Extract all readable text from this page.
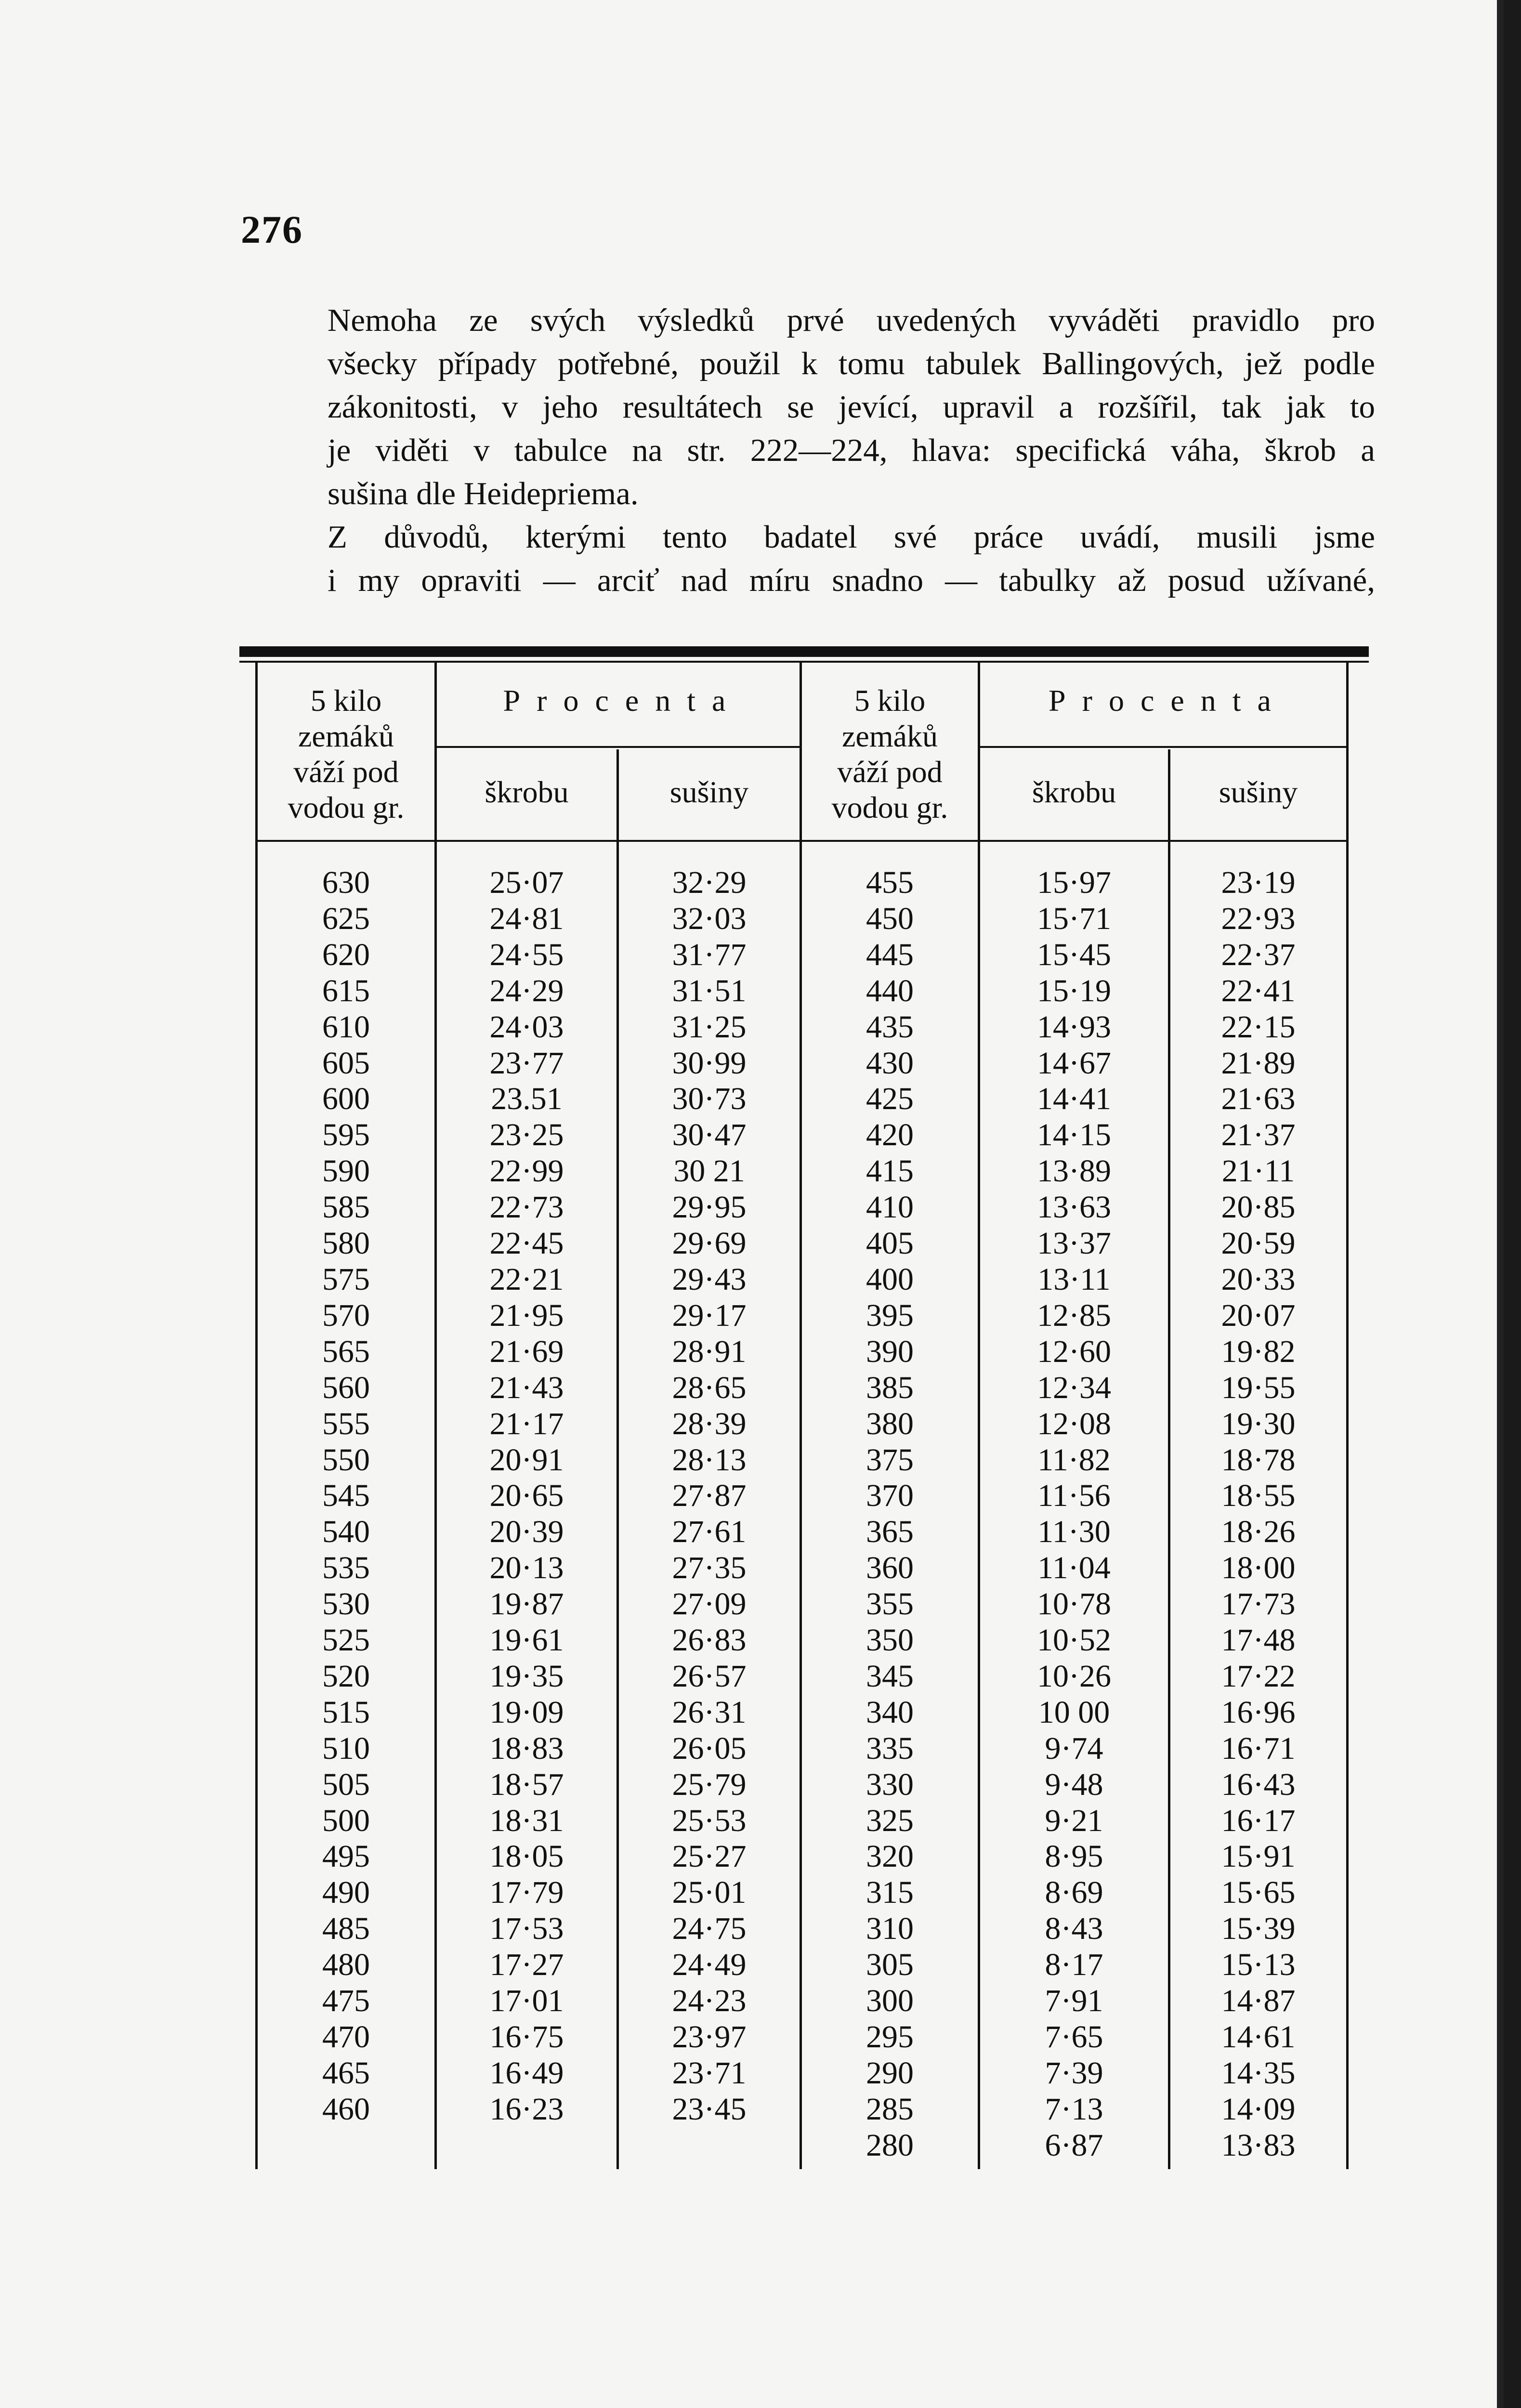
276

Nemoha ze svých výsledků prvé uvedených vyváděti pravidlo pro
všecky případy potřebné, použil k tomu tabulek Ballingových, jež podle
zákonitosti, v jeho resultátech se jevící, upravil a rozšířil, tak jak to
je viděti v tabulce na str. 222—224, hlava: specifická váha, škrob a
sušina dle Heidepriema.

Z důvodů, kterými tento badatel své práce uvádí, musili jsme
i my opraviti — arciť nad míru snadno — tabulky až posud užívané,

5 kilo
zemáků
váží pod
vodou gr.
Procenta
škrobu	sušiny
5 kilo
zemáků
váží pod
vodou gr.
Procenta
škrobu	sušiny
630
625
620
615
610
605
600
595
590
585
580
575
570
565
560
555
550
545
540
535
530
525
520
515
510
505
500
495
490
485
480
475
470
465
460
25·07
24·81
24·55
24·29
24·03
23·77
23.51
23·25
22·99
22·73
22·45
22·21
21·95
21·69
21·43
21·17
20·91
20·65
20·39
20·13
19·87
19·61
19·35
19·09
18·83
18·57
18·31
18·05
17·79
17·53
17·27
17·01
16·75
16·49
16·23
32·29
32·03
31·77
31·51
31·25
30·99
30·73
30·47
30 21
29·95
29·69
29·43
29·17
28·91
28·65
28·39
28·13
27·87
27·61
27·35
27·09
26·83
26·57
26·31
26·05
25·79
25·53
25·27
25·01
24·75
24·49
24·23
23·97
23·71
23·45
455
450
445
440
435
430
425
420
415
410
405
400
395
390
385
380
375
370
365
360
355
350
345
340
335
330
325
320
315
310
305
300
295
290
285
280
15·97
15·71
15·45
15·19
14·93
14·67
14·41
14·15
13·89
13·63
13·37
13·11
12·85
12·60
12·34
12·08
11·82
11·56
11·30
11·04
10·78
10·52
10·26
10 00
9·74
9·48
9·21
8·95
8·69
8·43
8·17
7·91
7·65
7·39
7·13
6·87
23·19
22·93
22·37
22·41
22·15
21·89
21·63
21·37
21·11
20·85
20·59
20·33
20·07
19·82
19·55
19·30
18·78
18·55
18·26
18·00
17·73
17·48
17·22
16·96
16·71
16·43
16·17
15·91
15·65
15·39
15·13
14·87
14·61
14·35
14·09
13·83
